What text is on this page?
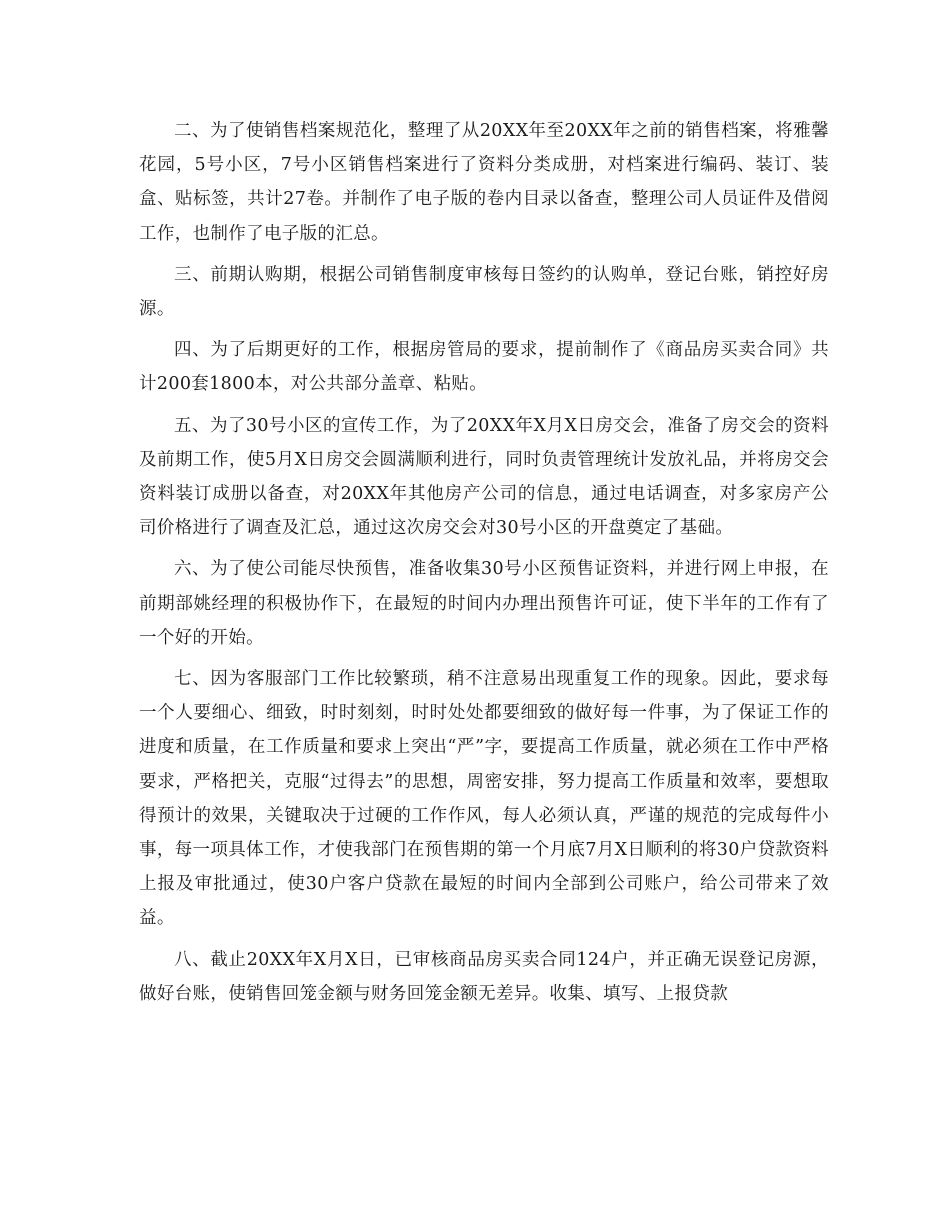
二、为了使销售档案规范化，整理了从20XX年至20XX年之前的销售档案，将雅馨花园，5号小区，7号小区销售档案进行了资料分类成册，对档案进行编码、装订、装盒、贴标签，共计27卷。并制作了电子版的卷内目录以备查，整理公司人员证件及借阅工作，也制作了电子版的汇总。

三、前期认购期，根据公司销售制度审核每日签约的认购单，登记台账，销控好房源。

四、为了后期更好的工作，根据房管局的要求，提前制作了《商品房买卖合同》共计200套1800本，对公共部分盖章、粘贴。

五、为了30号小区的宣传工作，为了20XX年X月X日房交会，准备了房交会的资料及前期工作，使5月X日房交会圆满顺利进行，同时负责管理统计发放礼品，并将房交会资料装订成册以备查，对20XX年其他房产公司的信息，通过电话调查，对多家房产公司价格进行了调查及汇总，通过这次房交会对30号小区的开盘奠定了基础。

六、为了使公司能尽快预售，准备收集30号小区预售证资料，并进行网上申报，在前期部姚经理的积极协作下，在最短的时间内办理出预售许可证，使下半年的工作有了一个好的开始。

七、因为客服部门工作比较繁琐，稍不注意易出现重复工作的现象。因此，要求每一个人要细心、细致，时时刻刻，时时处处都要细致的做好每一件事，为了保证工作的进度和质量，在工作质量和要求上突出“严”字，要提高工作质量，就必须在工作中严格要求，严格把关，克服“过得去”的思想，周密安排，努力提高工作质量和效率，要想取得预计的效果，关键取决于过硬的工作作风，每人必须认真，严谨的规范的完成每件小事，每一项具体工作，才使我部门在预售期的第一个月底7月X日顺利的将30户贷款资料上报及审批通过，使30户客户贷款在最短的时间内全部到公司账户，给公司带来了效益。

八、截止20XX年X月X日，已审核商品房买卖合同124户，并正确无误登记房源，做好台账，使销售回笼金额与财务回笼金额无差异。收集、填写、上报贷款
